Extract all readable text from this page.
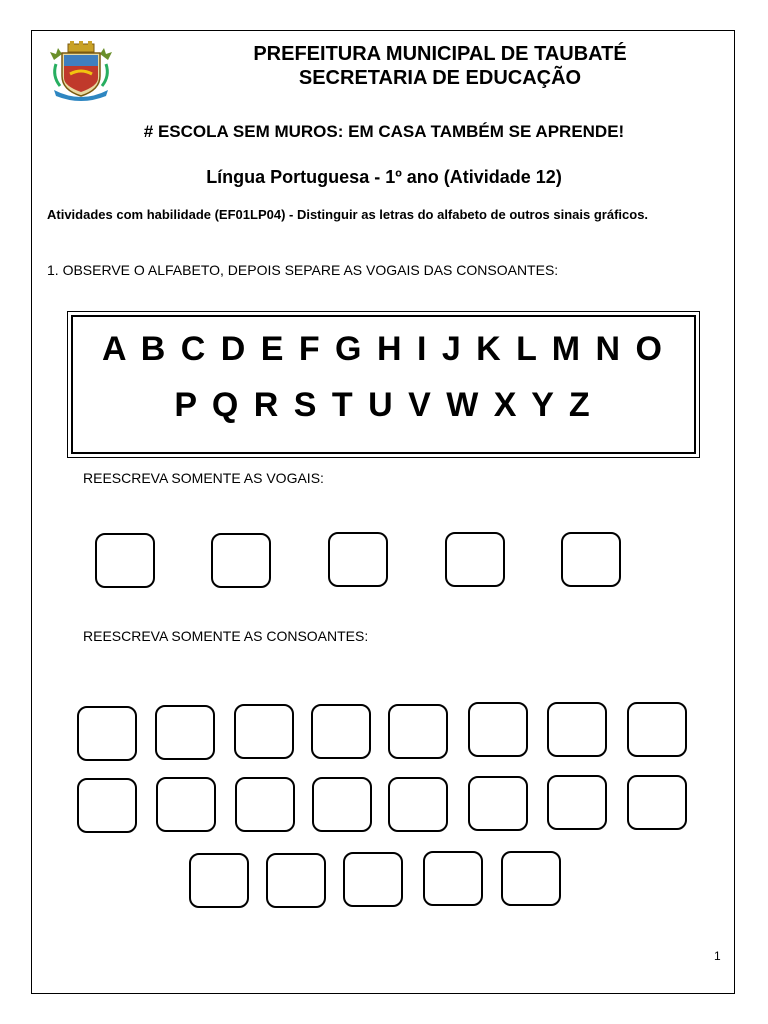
PREFEITURA MUNICIPAL DE TAUBATÉ
SECRETARIA DE EDUCAÇÃO
# ESCOLA SEM MUROS: EM CASA TAMBÉM SE APRENDE!
Língua Portuguesa - 1º ano (Atividade 12)
Atividades com habilidade (EF01LP04) - Distinguir as letras do alfabeto de outros sinais gráficos.
1. OBSERVE O ALFABETO, DEPOIS SEPARE AS VOGAIS DAS CONSOANTES:
A B C D E F G H I J K L M N O
P Q R S T U V W X Y Z
REESCREVA SOMENTE AS VOGAIS:
REESCREVA SOMENTE AS CONSOANTES:
1
